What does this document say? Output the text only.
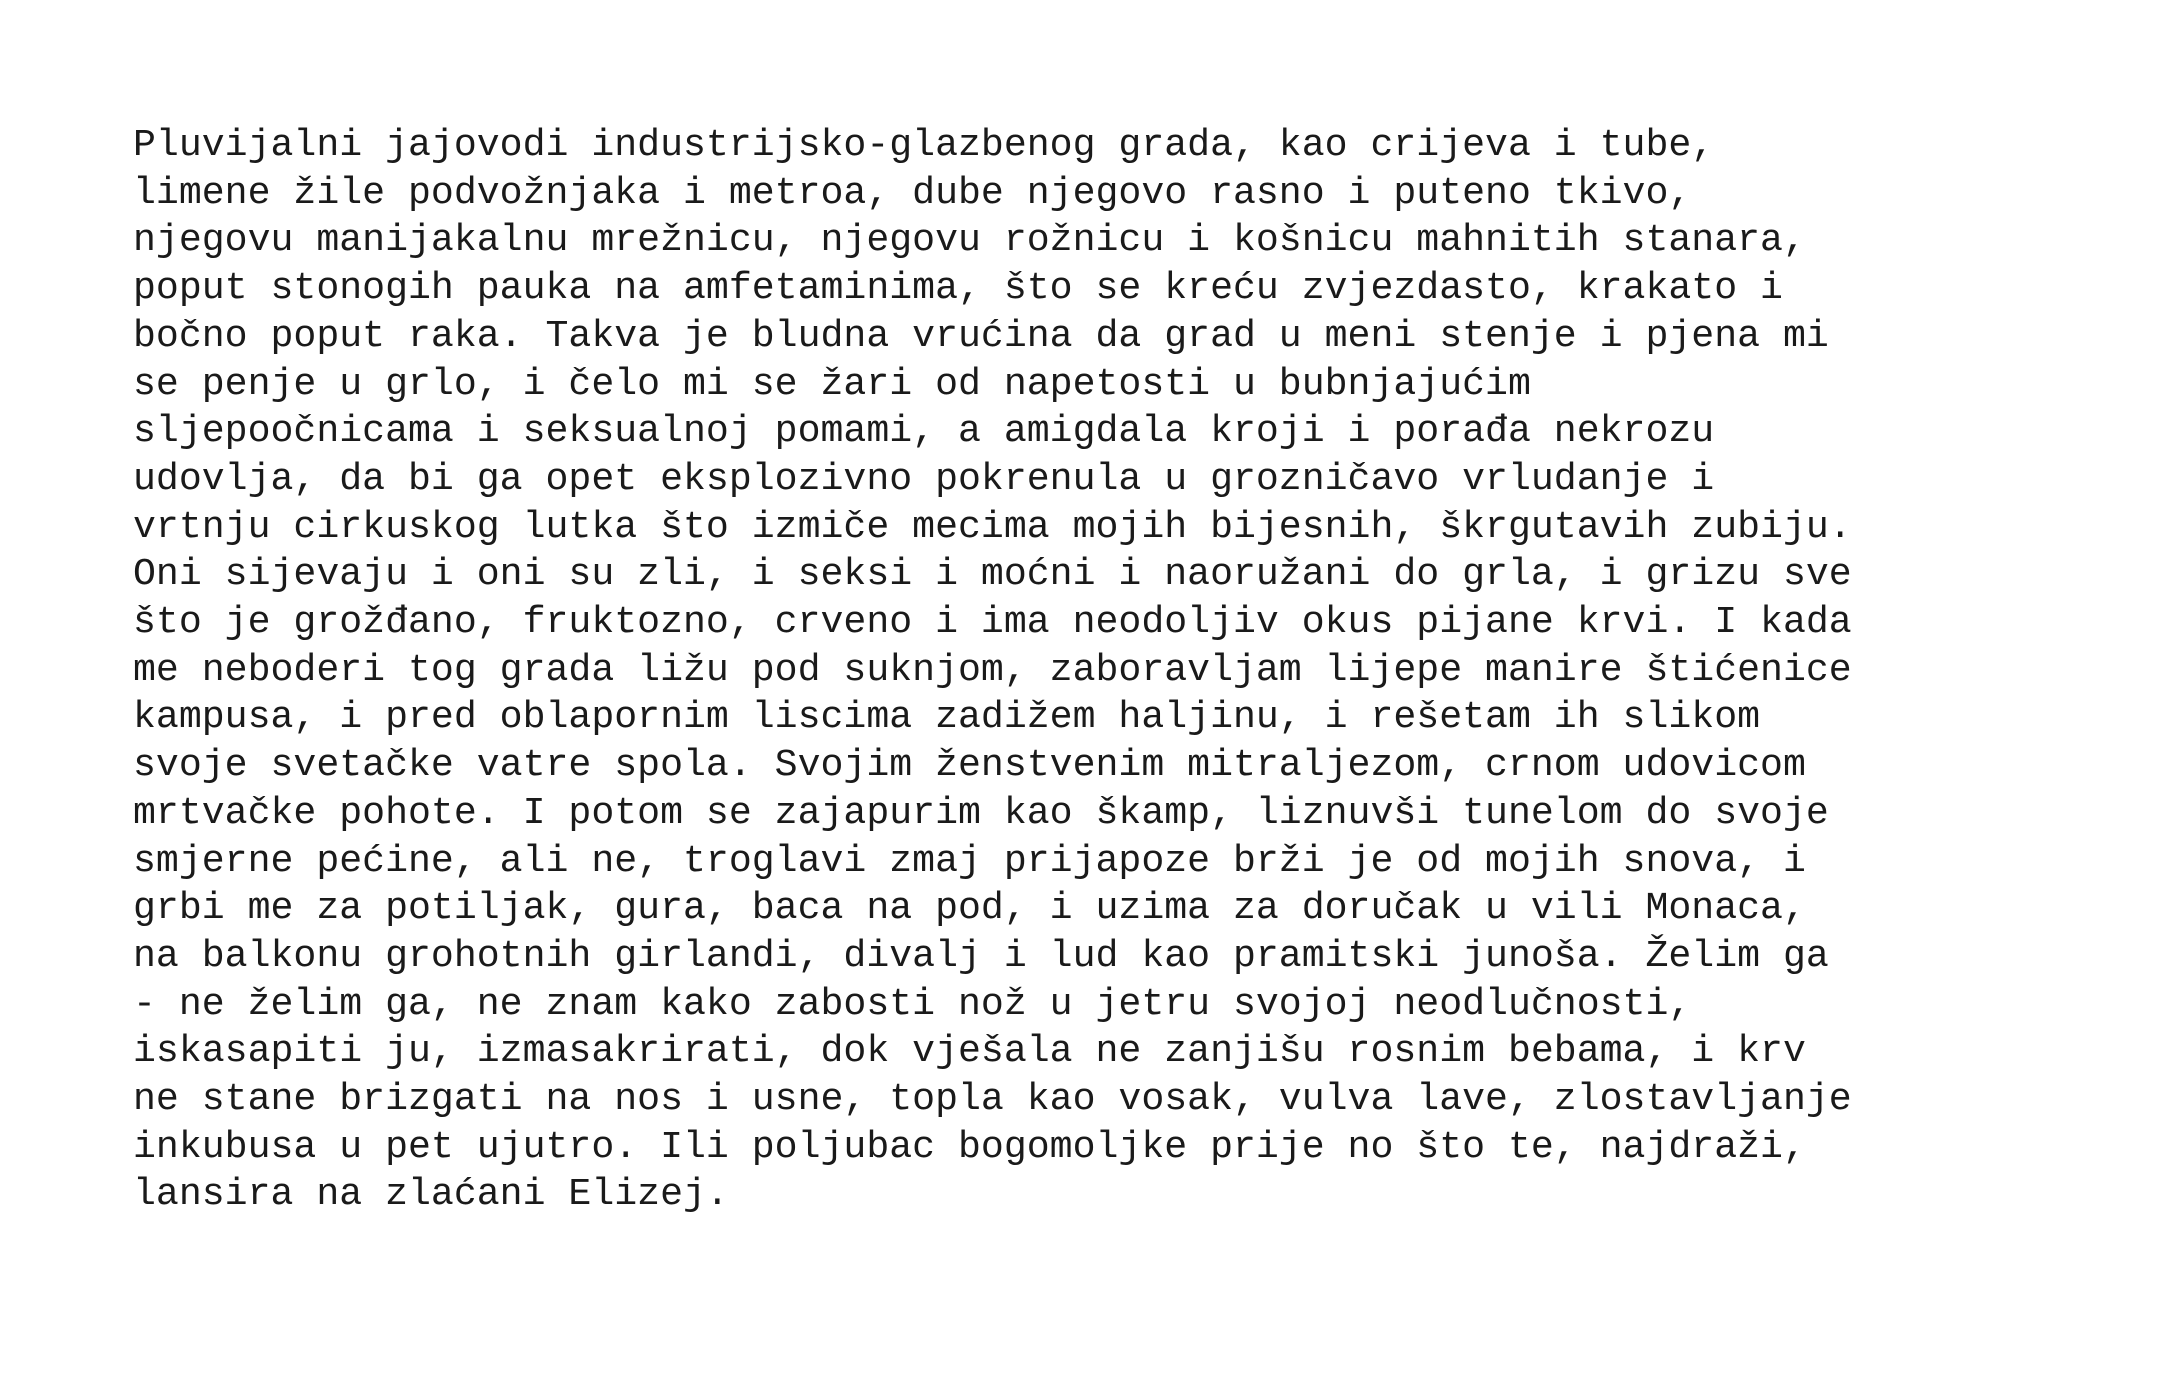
Pluvijalni jajovodi industrijsko-glazbenog grada, kao crijeva i tube,
limene žile podvožnjaka i metroa, dube njegovo rasno i puteno tkivo,
njegovu manijakalnu mrežnicu, njegovu rožnicu i košnicu mahnitih stanara,
poput stonogih pauka na amfetaminima, što se kreću zvjezdasto, krakato i
bočno poput raka. Takva je bludna vrućina da grad u meni stenje i pjena mi
se penje u grlo, i čelo mi se žari od napetosti u bubnjajućim
sljepoočnicama i seksualnoj pomami, a amigdala kroji i porađa nekrozu
udovlja, da bi ga opet eksplozivno pokrenula u grozničavo vrludanje i
vrtnju cirkuskog lutka što izmiče mecima mojih bijesnih, škrgutavih zubiju.
Oni sijevaju i oni su zli, i seksi i moćni i naoružani do grla, i grizu sve
što je grožđano, fruktozno, crveno i ima neodoljiv okus pijane krvi. I kada
me neboderi tog grada ližu pod suknjom, zaboravljam lijepe manire štićenice
kampusa, i pred oblapornim liscima zadižem haljinu, i rešetam ih slikom
svoje svetačke vatre spola. Svojim ženstvenim mitraljezom, crnom udovicom
mrtvačke pohote. I potom se zajapurim kao škamp, liznuvši tunelom do svoje
smjerne pećine, ali ne, troglavi zmaj prijapoze brži je od mojih snova, i
grbi me za potiljak, gura, baca na pod, i uzima za doručak u vili Monaca,
na balkonu grohotnih girlandi, divalj i lud kao pramitski junoša. Želim ga
- ne želim ga, ne znam kako zabosti nož u jetru svojoj neodlučnosti,
iskasapiti ju, izmasakrirati, dok vješala ne zanjišu rosnim bebama, i krv
ne stane brizgati na nos i usne, topla kao vosak, vulva lave, zlostavljanje
inkubusa u pet ujutro. Ili poljubac bogomoljke prije no što te, najdraži,
lansira na zlaćani Elizej.
